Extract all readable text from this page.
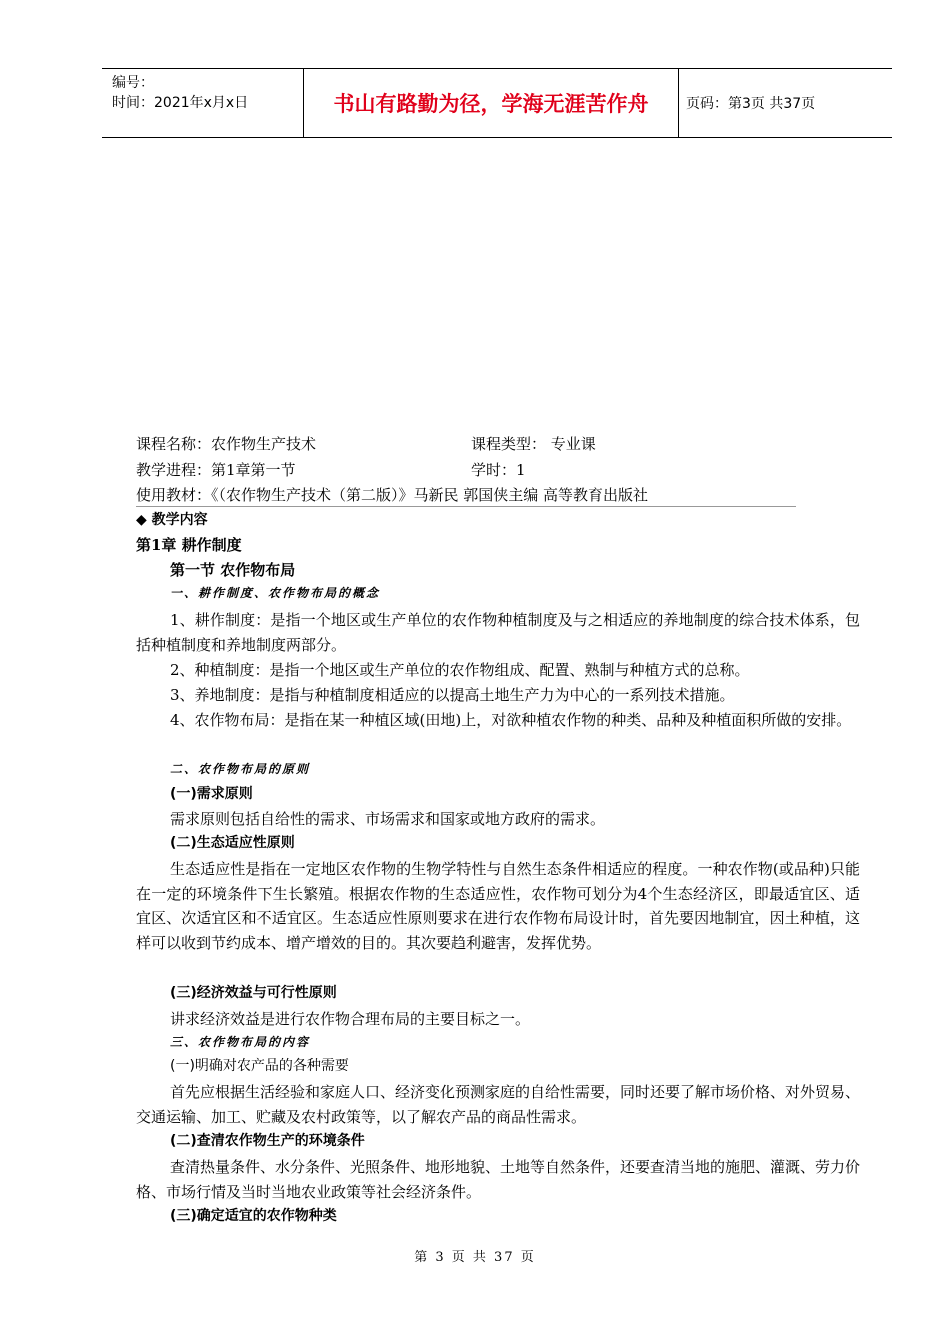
编号：
时间：2021年x月x日	书山有路勤为径，学海无涯苦作舟	页码：第3页 共37页
课程名称：农作物生产技术	课程类型： 专业课
教学进程：第1章第一节	学时：1
使用教材：《（农作物生产技术（第二版）》马新民 郭国侠主编 高等教育出版社
◆ 教学内容
第1章 耕作制度
第一节 农作物布局
一、耕作制度、农作物布局的概念
1、耕作制度：是指一个地区或生产单位的农作物种植制度及与之相适应的养地制度的综合技术体系，包括种植制度和养地制度两部分。
2、种植制度：是指一个地区或生产单位的农作物组成、配置、熟制与种植方式的总称。
3、养地制度：是指与种植制度相适应的以提高土地生产力为中心的一系列技术措施。
4、农作物布局：是指在某一种植区域(田地)上，对欲种植农作物的种类、品种及种植面积所做的安排。
二、农作物布局的原则
(一)需求原则
需求原则包括自给性的需求、市场需求和国家或地方政府的需求。
(二)生态适应性原则
生态适应性是指在一定地区农作物的生物学特性与自然生态条件相适应的程度。一种农作物(或品种)只能在一定的环境条件下生长繁殖。根据农作物的生态适应性，农作物可划分为4个生态经济区，即最适宜区、适宜区、次适宜区和不适宜区。生态适应性原则要求在进行农作物布局设计时，首先要因地制宜，因土种植，这样可以收到节约成本、增产增效的目的。其次要趋利避害，发挥优势。
(三)经济效益与可行性原则
讲求经济效益是进行农作物合理布局的主要目标之一。
三、农作物布局的内容
(一)明确对农产品的各种需要
首先应根据生活经验和家庭人口、经济变化预测家庭的自给性需要，同时还要了解市场价格、对外贸易、交通运输、加工、贮藏及农村政策等，以了解农产品的商品性需求。
(二)查清农作物生产的环境条件
查清热量条件、水分条件、光照条件、地形地貌、土地等自然条件，还要查清当地的施肥、灌溉、劳力价格、市场行情及当时当地农业政策等社会经济条件。
(三)确定适宜的农作物种类
第 3 页 共 37 页
